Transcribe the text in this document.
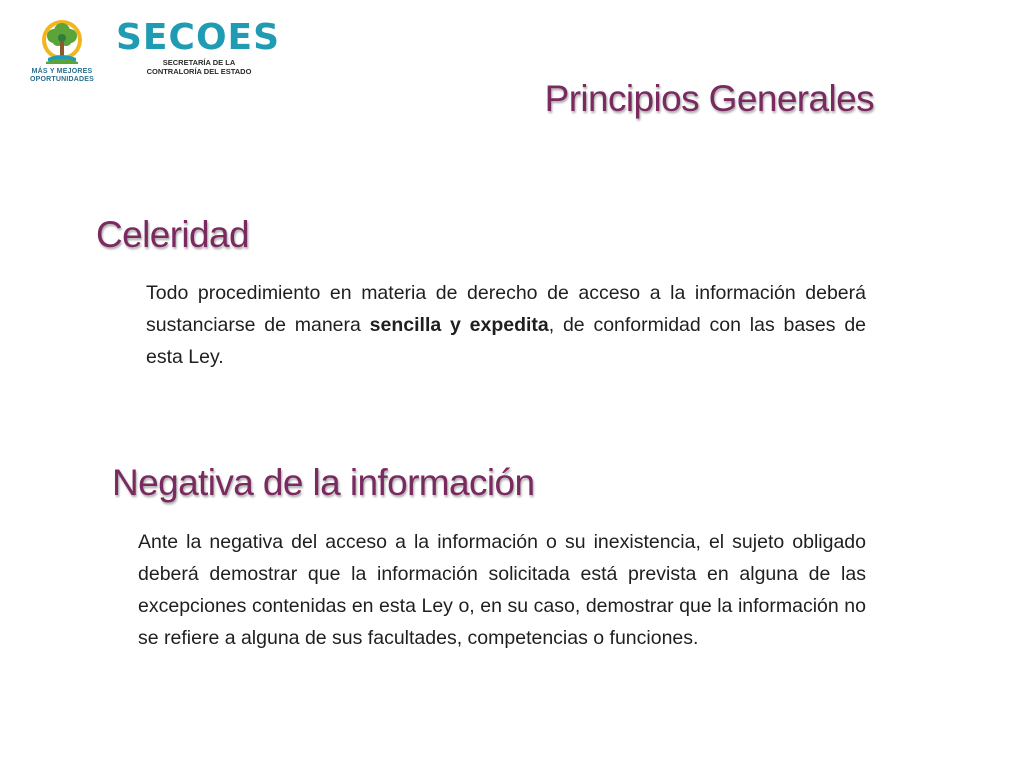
MÁS Y MEJORES
OPORTUNIDADES
SECOES
SECRETARÍA DE LA
CONTRALORÍA DEL ESTADO
Principios Generales
Celeridad
Todo procedimiento en materia de derecho de acceso a la información deberá sustanciarse de manera sencilla y expedita, de conformidad con las bases de esta Ley.
Negativa de la información
Ante la negativa del acceso a la información o su inexistencia, el sujeto obligado deberá demostrar que la información solicitada está prevista en alguna de las excepciones contenidas en esta Ley o, en su caso, demostrar que la información no se refiere a alguna de sus facultades, competencias o funciones.
